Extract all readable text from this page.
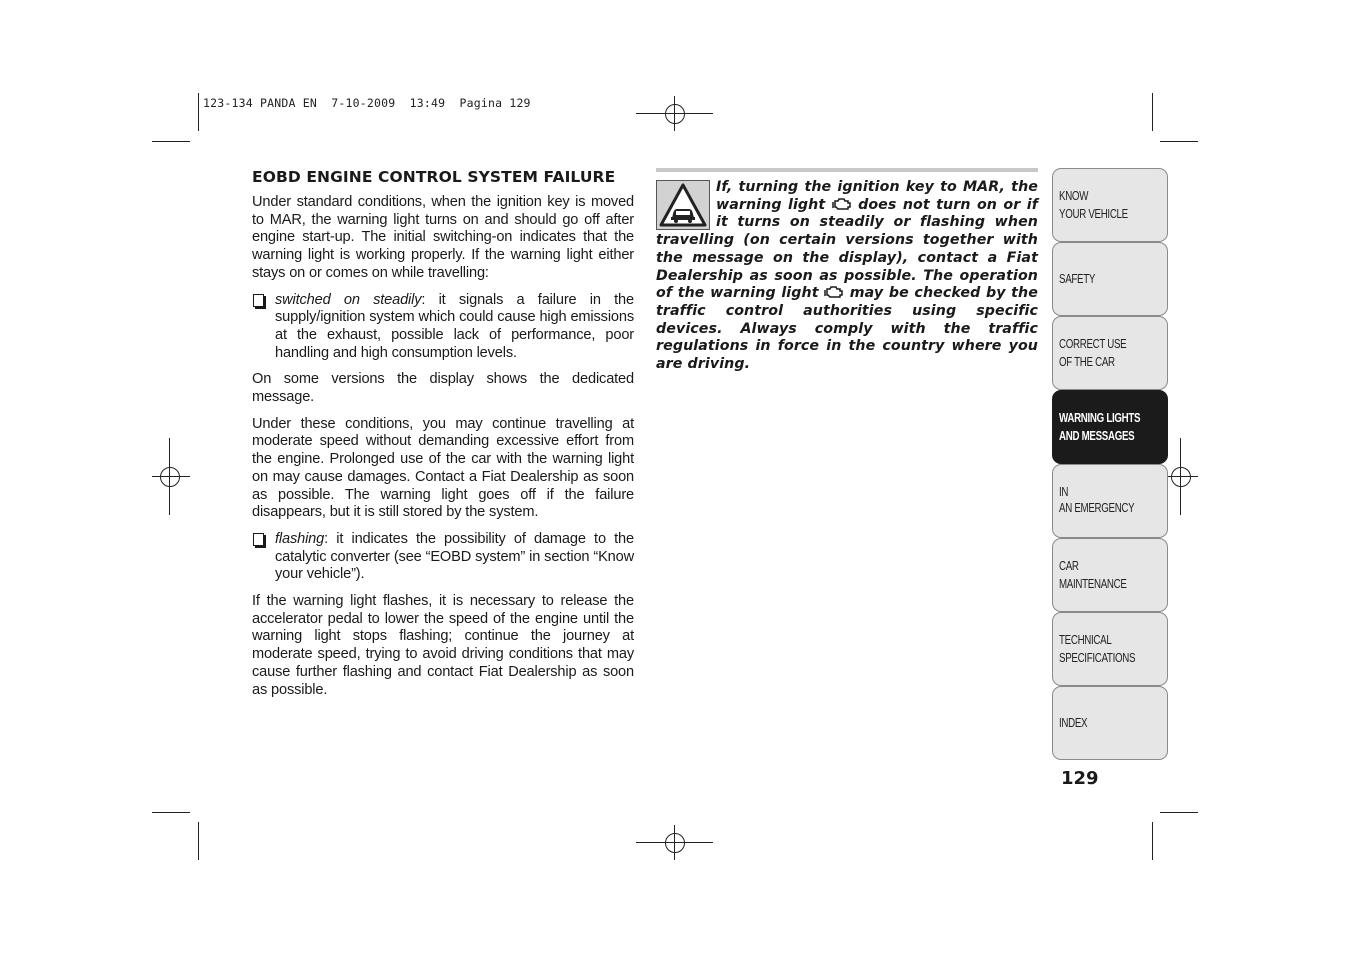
123-134 PANDA EN  7-10-2009  13:49  Pagina 129
EOBD ENGINE CONTROL SYSTEM FAILURE

Under standard conditions, when the ignition key is moved to MAR, the warning light turns on and should go off after engine start-up. The initial switching-on indicates that the warning light is working properly. If the warning light either stays on or comes on while travelling:

switched on steadily: it signals a failure in the supply/ignition system which could cause high emissions at the exhaust, possible lack of performance, poor handling and high consumption levels.

On some versions the display shows the dedicated message.

Under these conditions, you may continue travelling at moderate speed without demanding excessive effort from the engine. Prolonged use of the car with the warning light on may cause damages. Contact a Fiat Dealership as soon as possible. The warning light goes off if the failure disappears, but it is still stored by the system.

flashing: it indicates the possibility of damage to the catalytic converter (see “EOBD system” in section “Know your vehicle”).

If the warning light flashes, it is necessary to release the accelerator pedal to lower the speed of the engine until the warning light stops flashing; continue the journey at moderate speed, trying to avoid driving conditions that may cause further flashing and contact Fiat Dealership as soon as possible.

If, turning the ignition key to MAR, the warning light  does not turn on or if it turns on steadily or flashing when travelling (on certain versions together with the message on the display), contact a Fiat Dealership as soon as possible. The operation of the warning light  may be checked by the traffic control authorities using specific devices. Always comply with the traffic regulations in force in the country where you are driving.

KNOW
YOUR VEHICLE
SAFETY
CORRECT USE
OF THE CAR
WARNING LIGHTS
AND MESSAGES
IN
AN EMERGENCY
CAR
MAINTENANCE
TECHNICAL
SPECIFICATIONS
INDEX
129
